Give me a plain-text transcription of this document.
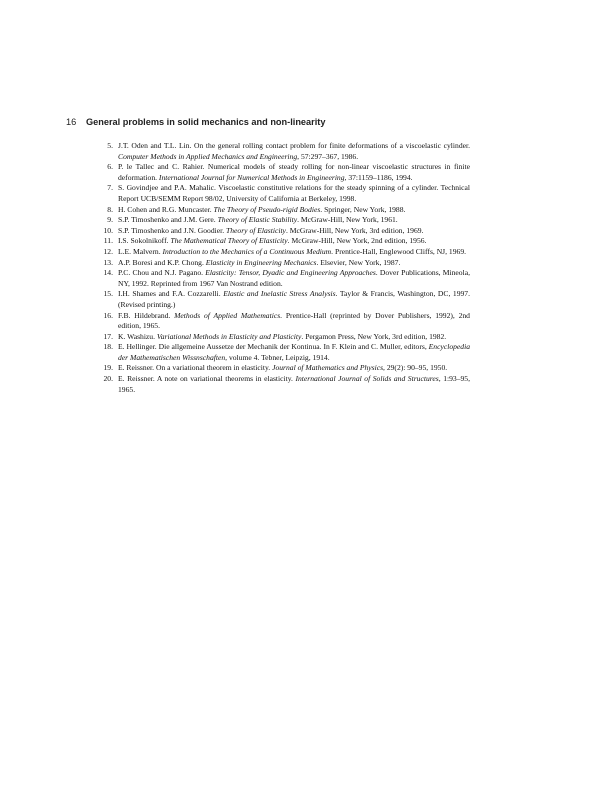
16 General problems in solid mechanics and non-linearity
5. J.T. Oden and T.L. Lin. On the general rolling contact problem for finite deformations of a viscoelastic cylinder. Computer Methods in Applied Mechanics and Engineering, 57:297–367, 1986.
6. P. le Tallec and C. Rahier. Numerical models of steady rolling for non-linear viscoelastic structures in finite deformation. International Journal for Numerical Methods in Engineering, 37:1159–1186, 1994.
7. S. Govindjee and P.A. Mahalic. Viscoelastic constitutive relations for the steady spinning of a cylinder. Technical Report UCB/SEMM Report 98/02, University of California at Berkeley, 1998.
8. H. Cohen and R.G. Muncaster. The Theory of Pseudo-rigid Bodies. Springer, New York, 1988.
9. S.P. Timoshenko and J.M. Gere. Theory of Elastic Stability. McGraw-Hill, New York, 1961.
10. S.P. Timoshenko and J.N. Goodier. Theory of Elasticity. McGraw-Hill, New York, 3rd edition, 1969.
11. I.S. Sokolnikoff. The Mathematical Theory of Elasticity. McGraw-Hill, New York, 2nd edition, 1956.
12. L.E. Malvern. Introduction to the Mechanics of a Continuous Medium. Prentice-Hall, Englewood Cliffs, NJ, 1969.
13. A.P. Boresi and K.P. Chong. Elasticity in Engineering Mechanics. Elsevier, New York, 1987.
14. P.C. Chou and N.J. Pagano. Elasticity: Tensor, Dyadic and Engineering Approaches. Dover Publications, Mineola, NY, 1992. Reprinted from 1967 Van Nostrand edition.
15. I.H. Shames and F.A. Cozzarelli. Elastic and Inelastic Stress Analysis. Taylor & Francis, Washington, DC, 1997. (Revised printing.)
16. F.B. Hildebrand. Methods of Applied Mathematics. Prentice-Hall (reprinted by Dover Publishers, 1992), 2nd edition, 1965.
17. K. Washizu. Variational Methods in Elasticity and Plasticity. Pergamon Press, New York, 3rd edition, 1982.
18. E. Hellinger. Die allgemeine Aussetze der Mechanik der Kontinua. In F. Klein and C. Muller, editors, Encyclopedia der Mathematischen Wissnschaften, volume 4. Tebner, Leipzig, 1914.
19. E. Reissner. On a variational theorem in elasticity. Journal of Mathematics and Physics, 29(2): 90–95, 1950.
20. E. Reissner. A note on variational theorems in elasticity. International Journal of Solids and Structures, 1:93–95, 1965.
